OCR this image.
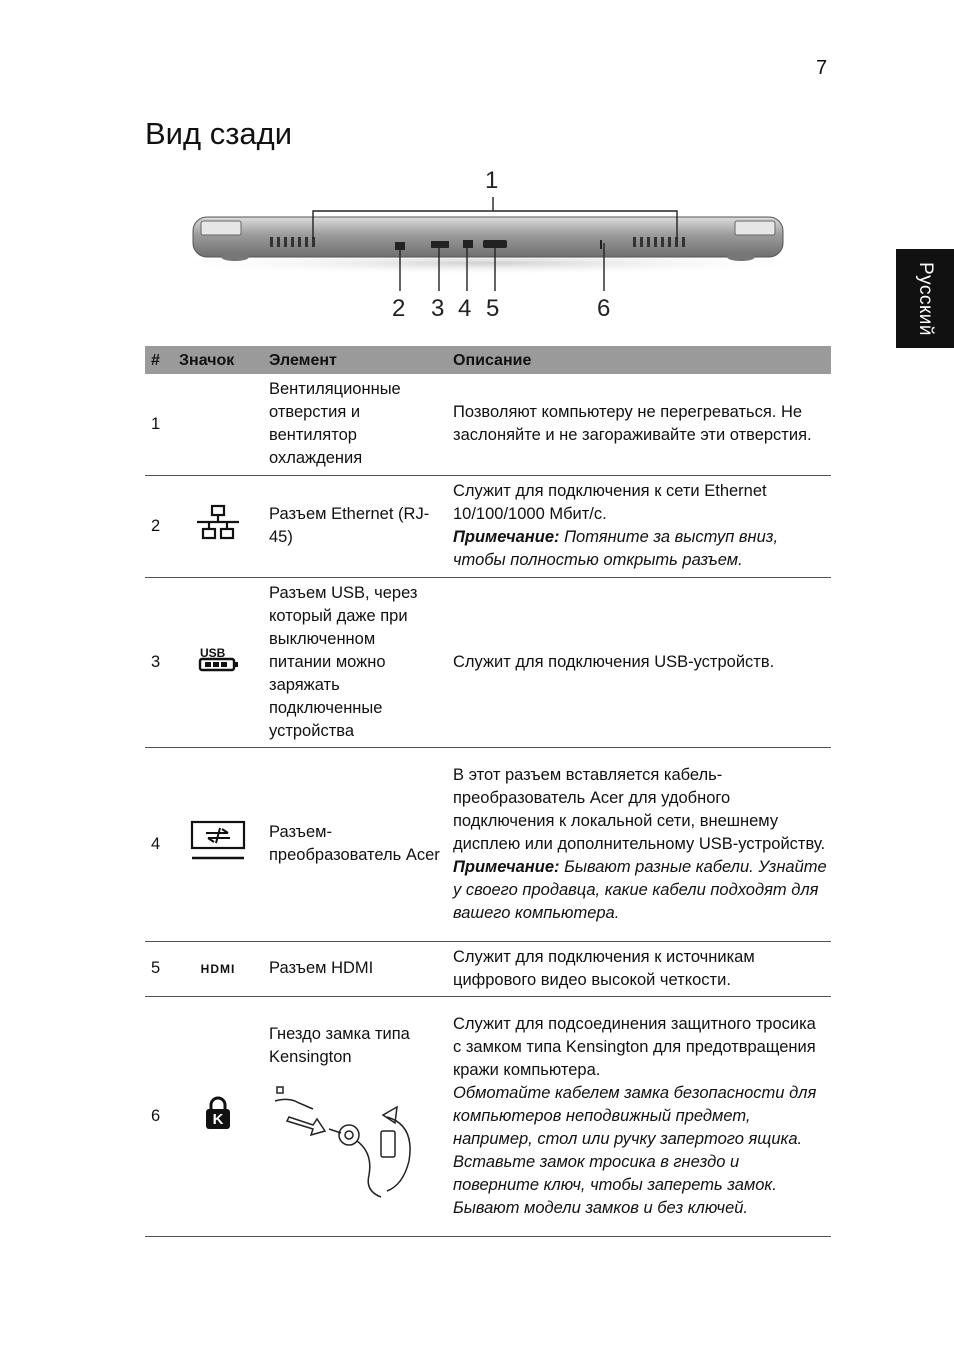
7
Вид сзади
Русский
1
2 3 4 5	6
#	Значок	Элемент	Описание
1		Вентиляционные отверстия и вентилятор охлаждения	Позволяют компьютеру не перегреваться. Не заслоняйте и не загораживайте эти отверстия.
2		Разъем Ethernet (RJ-45)	Служит для подключения к сети Ethernet 10/100/1000 Мбит/с.
Примечание: Потяните за выступ вниз, чтобы полностью открыть разъем.
3	USB	Разъем USB, через который даже при выключенном питании можно заряжать подключенные устройства	Служит для подключения USB-устройств.
4		Разъем-преобразователь Acer	В этот разъем вставляется кабель-преобразователь Acer для удобного подключения к локальной сети, внешнему дисплею или дополнительному USB-устройству.
Примечание: Бывают разные кабели. Узнайте у своего продавца, какие кабели подходят для вашего компьютера.
5	HDMI	Разъем HDMI	Служит для подключения к источникам цифрового видео высокой четкости.
6	K	Гнездо замка типа Kensington	Служит для подсоединения защитного тросика с замком типа Kensington для предотвращения кражи компьютера.
Обмотайте кабелем замка безопасности для компьютеров неподвижный предмет, например, стол или ручку запертого ящика.
Вставьте замок тросика в гнездо и поверните ключ, чтобы запереть замок. Бывают модели замков и без ключей.
